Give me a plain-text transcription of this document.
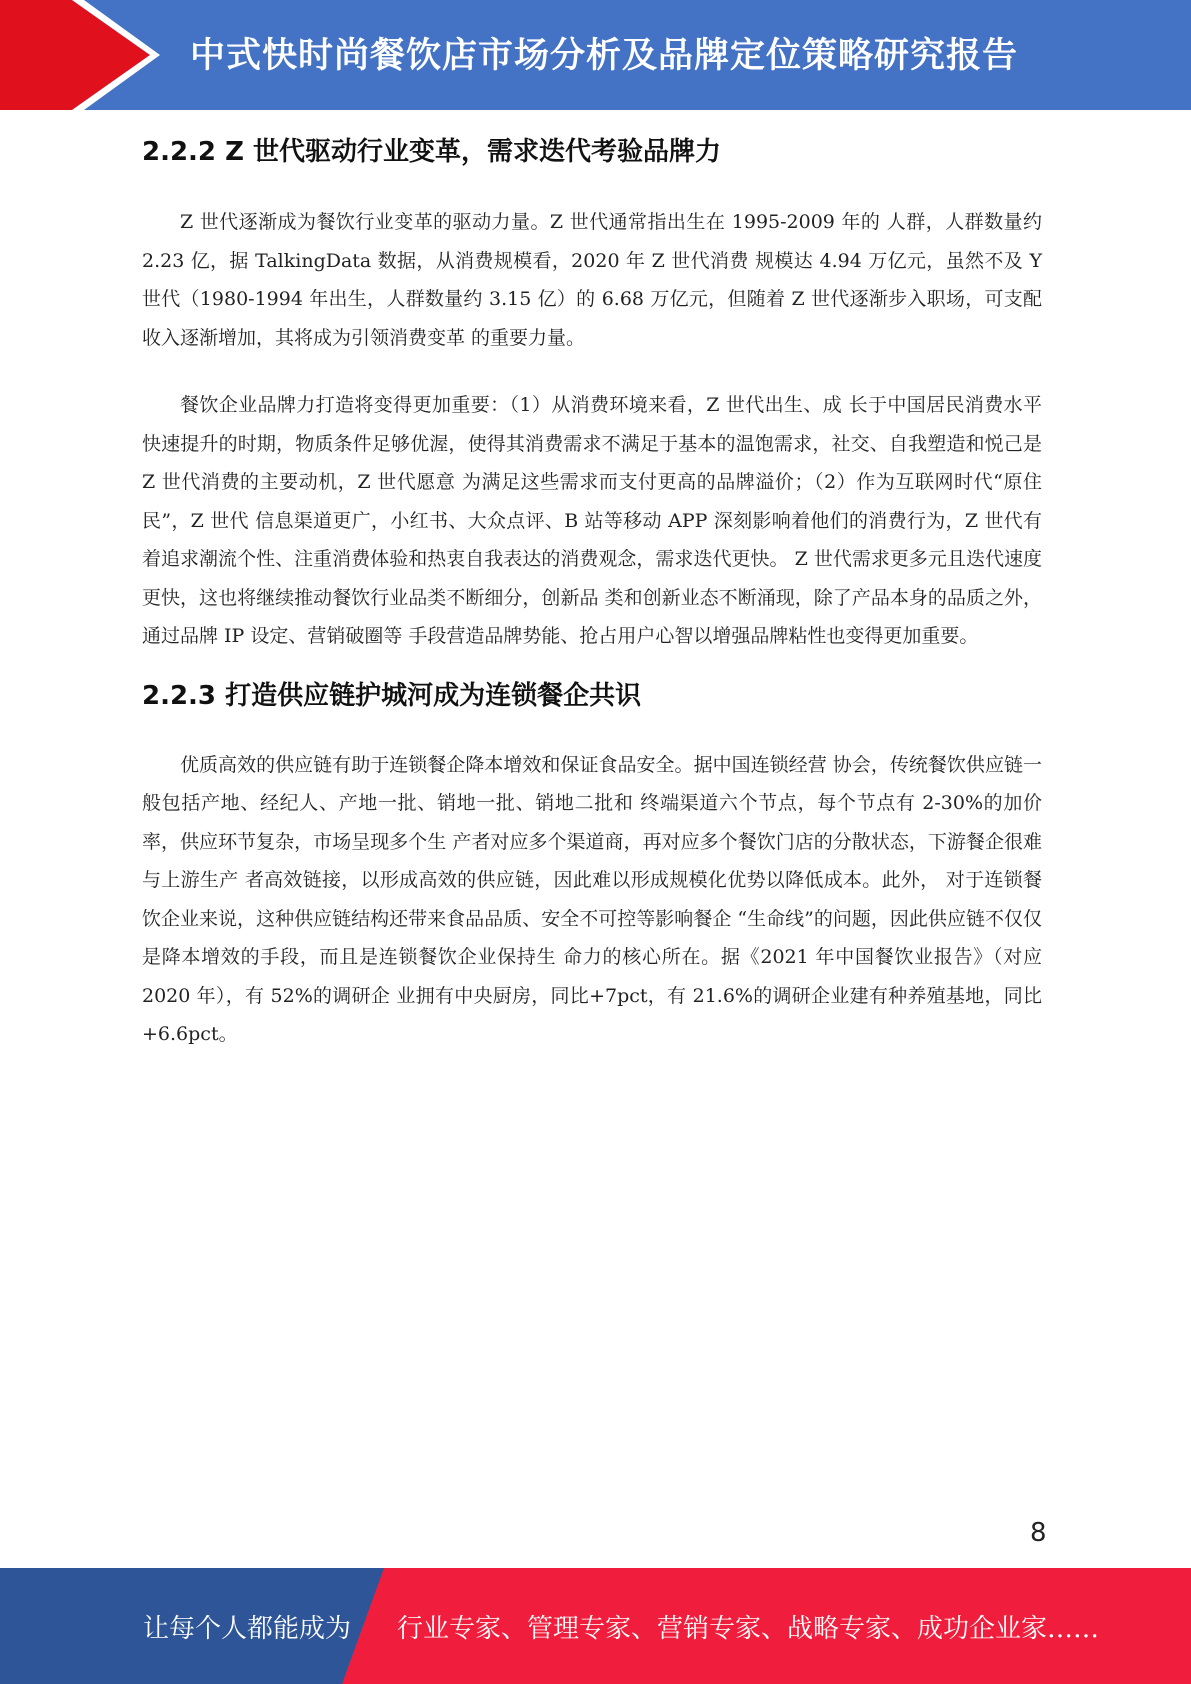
中式快时尚餐饮店市场分析及品牌定位策略研究报告
2.2.2 Z 世代驱动行业变革，需求迭代考验品牌力

Z 世代逐渐成为餐饮行业变革的驱动力量。Z 世代通常指出生在 1995-2009 年的 人群，人群数量约 2.23 亿，据 TalkingData 数据，从消费规模看，2020 年 Z 世代消费 规模达 4.94 万亿元，虽然不及 Y 世代（1980-1994 年出生，人群数量约 3.15 亿）的 6.68 万亿元，但随着 Z 世代逐渐步入职场，可支配收入逐渐增加，其将成为引领消费变革 的重要力量。

餐饮企业品牌力打造将变得更加重要：（1）从消费环境来看，Z 世代出生、成 长于中国居民消费水平快速提升的时期，物质条件足够优渥，使得其消费需求不满足于基本的温饱需求，社交、自我塑造和悦己是 Z 世代消费的主要动机，Z 世代愿意 为满足这些需求而支付更高的品牌溢价；（2）作为互联网时代“原住民”，Z 世代 信息渠道更广，小红书、大众点评、B 站等移动 APP 深刻影响着他们的消费行为，Z 世代有着追求潮流个性、注重消费体验和热衷自我表达的消费观念，需求迭代更快。 Z 世代需求更多元且迭代速度更快，这也将继续推动餐饮行业品类不断细分，创新品 类和创新业态不断涌现，除了产品本身的品质之外，通过品牌 IP 设定、营销破圈等 手段营造品牌势能、抢占用户心智以增强品牌粘性也变得更加重要。

2.2.3 打造供应链护城河成为连锁餐企共识

优质高效的供应链有助于连锁餐企降本增效和保证食品安全。据中国连锁经营 协会，传统餐饮供应链一般包括产地、经纪人、产地一批、销地一批、销地二批和 终端渠道六个节点，每个节点有 2-30%的加价率，供应环节复杂，市场呈现多个生 产者对应多个渠道商，再对应多个餐饮门店的分散状态，下游餐企很难与上游生产 者高效链接，以形成高效的供应链，因此难以形成规模化优势以降低成本。此外， 对于连锁餐饮企业来说，这种供应链结构还带来食品品质、安全不可控等影响餐企 “生命线”的问题，因此供应链不仅仅是降本增效的手段，而且是连锁餐饮企业保持生 命力的核心所在。据《2021 年中国餐饮业报告》（对应 2020 年），有 52%的调研企 业拥有中央厨房，同比+7pct，有 21.6%的调研企业建有种养殖基地，同比+6.6pct。

8
让每个人都能成为 行业专家、管理专家、营销专家、战略专家、成功企业家……
